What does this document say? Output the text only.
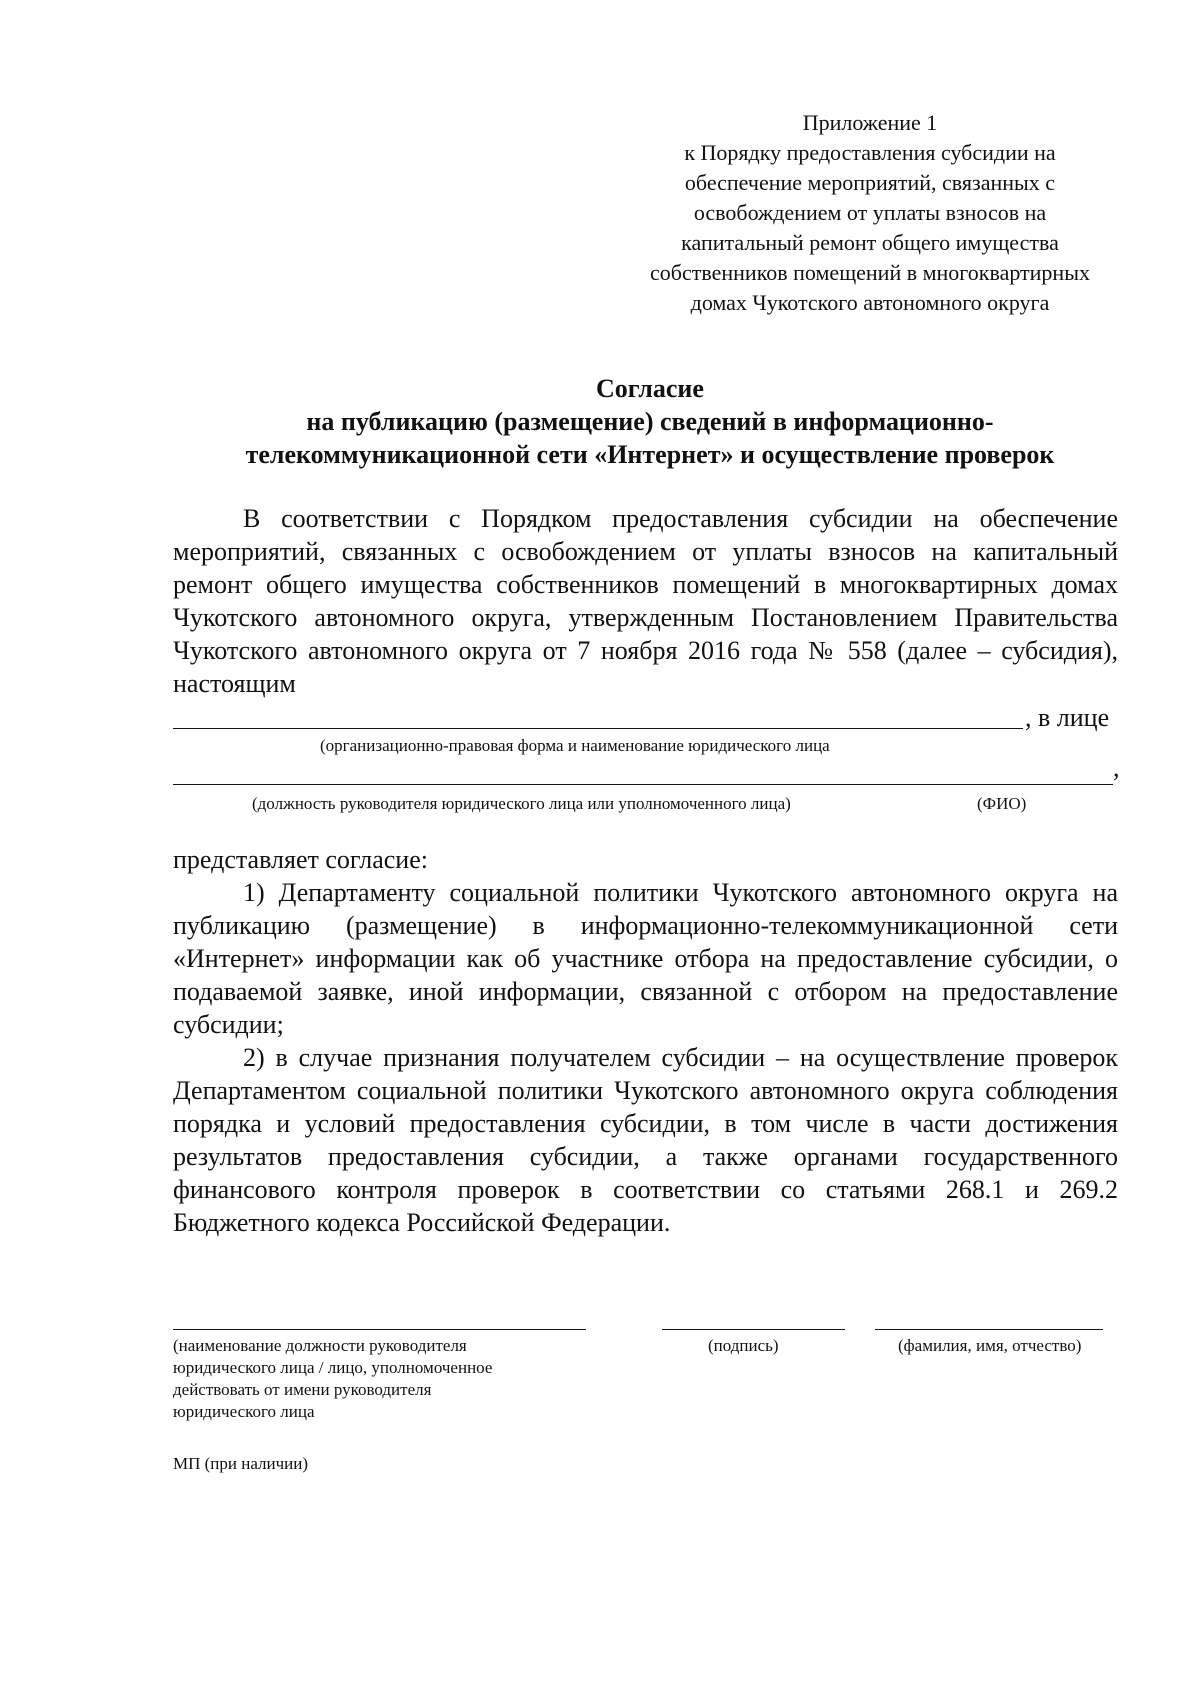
Приложение 1
к Порядку предоставления субсидии на
обеспечение мероприятий, связанных с
освобождением от уплаты взносов на
капитальный ремонт общего имущества
собственников помещений в многоквартирных
домах Чукотского автономного округа
Согласие
на публикацию (размещение) сведений в информационно-
телекоммуникационной сети «Интернет» и осуществление проверок
В соответствии с Порядком предоставления субсидии на обеспечение мероприятий, связанных с освобождением от уплаты взносов на капитальный ремонт общего имущества собственников помещений в многоквартирных домах Чукотского автономного округа, утвержденным Постановлением Правительства Чукотского автономного округа от 7 ноября 2016 года № 558 (далее – субсидия), настоящим
, в лице
(организационно-правовая форма и наименование юридического лица
,
(должность руководителя юридического лица или уполномоченного лица)	(ФИО)
представляет согласие:
1) Департаменту социальной политики Чукотского автономного округа на публикацию (размещение) в информационно-телекоммуникационной сети «Интернет» информации как об участнике отбора на предоставление субсидии, о подаваемой заявке, иной информации, связанной с отбором на предоставление субсидии;
2) в случае признания получателем субсидии – на осуществление проверок Департаментом социальной политики Чукотского автономного округа соблюдения порядка и условий предоставления субсидии, в том числе в части достижения результатов предоставления субсидии, а также органами государственного финансового контроля проверок в соответствии со статьями 268.1 и 269.2 Бюджетного кодекса Российской Федерации.
(наименование должности руководителя
юридического лица / лицо, уполномоченное
действовать от имени руководителя
юридического лица
(подпись)	(фамилия, имя, отчество)
МП (при наличии)
